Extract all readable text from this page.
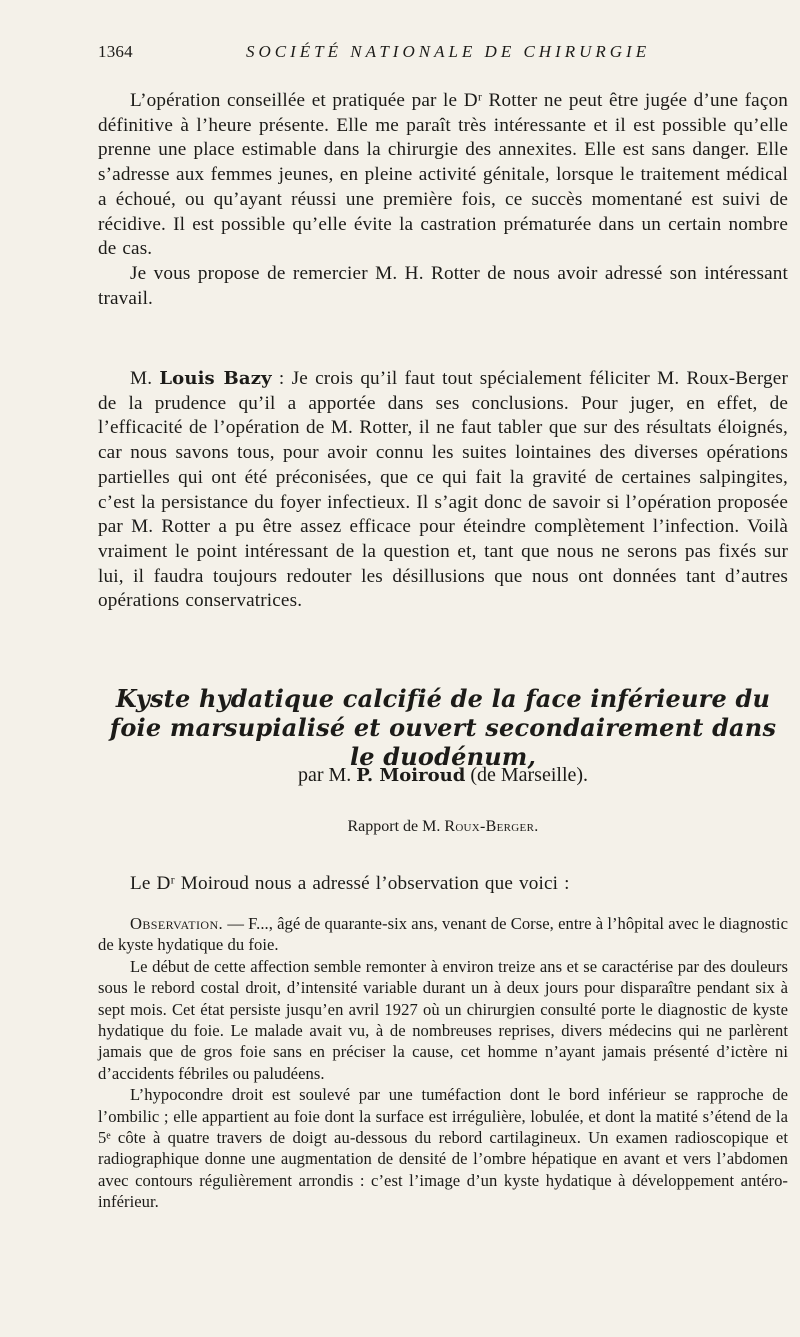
1364	SOCIÉTÉ NATIONALE DE CHIRURGIE

L’opération conseillée et pratiquée par le Dʳ Rotter ne peut être jugée d’une façon définitive à l’heure présente. Elle me paraît très intéressante et il est possible qu’elle prenne une place estimable dans la chirurgie des annexites. Elle est sans danger. Elle s’adresse aux femmes jeunes, en pleine activité génitale, lorsque le traitement médical a échoué, ou qu’ayant réussi une première fois, ce succès momentané est suivi de récidive. Il est possible qu’elle évite la castration prématurée dans un certain nombre de cas.

Je vous propose de remercier M. H. Rotter de nous avoir adressé son intéressant travail.

M. Louis Bazy : Je crois qu’il faut tout spécialement féliciter M. Roux-Berger de la prudence qu’il a apportée dans ses conclusions. Pour juger, en effet, de l’efficacité de l’opération de M. Rotter, il ne faut tabler que sur des résultats éloignés, car nous savons tous, pour avoir connu les suites lointaines des diverses opérations partielles qui ont été préconisées, que ce qui fait la gravité de certaines salpingites, c’est la persistance du foyer infectieux. Il s’agit donc de savoir si l’opération proposée par M. Rotter a pu être assez efficace pour éteindre complètement l’infection. Voilà vraiment le point intéressant de la question et, tant que nous ne serons pas fixés sur lui, il faudra toujours redouter les désillusions que nous ont données tant d’autres opérations conservatrices.

Kyste hydatique calcifié de la face inférieure du foie marsupialisé et ouvert secondairement dans le duodénum,
par M. P. Moiroud (de Marseille).
Rapport de M. Roux-Berger.

Le Dʳ Moiroud nous a adressé l’observation que voici :

Observation. — F..., âgé de quarante-six ans, venant de Corse, entre à l’hôpital avec le diagnostic de kyste hydatique du foie.

Le début de cette affection semble remonter à environ treize ans et se caractérise par des douleurs sous le rebord costal droit, d’intensité variable durant un à deux jours pour disparaître pendant six à sept mois. Cet état persiste jusqu’en avril 1927 où un chirurgien consulté porte le diagnostic de kyste hydatique du foie. Le malade avait vu, à de nombreuses reprises, divers médecins qui ne parlèrent jamais que de gros foie sans en préciser la cause, cet homme n’ayant jamais présenté d’ictère ni d’accidents fébriles ou paludéens.

L’hypocondre droit est soulevé par une tuméfaction dont le bord inférieur se rapproche de l’ombilic ; elle appartient au foie dont la surface est irrégulière, lobulée, et dont la matité s’étend de la 5ᵉ côte à quatre travers de doigt au-dessous du rebord cartilagineux. Un examen radioscopique et radiographique donne une augmentation de densité de l’ombre hépatique en avant et vers l’abdomen avec contours régulièrement arrondis : c’est l’image d’un kyste hydatique à développement antéro-inférieur.
